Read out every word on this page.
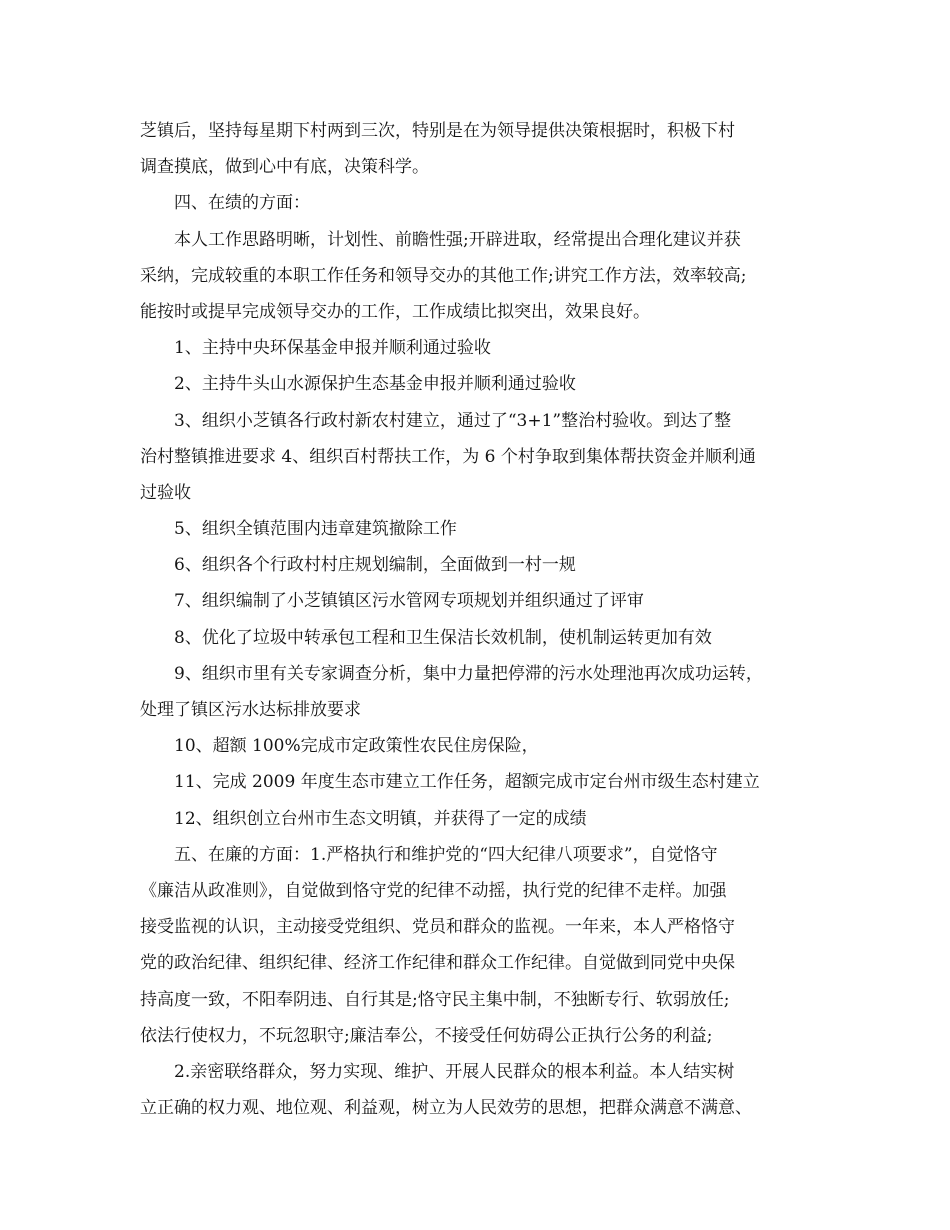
芝镇后，坚持每星期下村两到三次，特别是在为领导提供决策根据时，积极下村
调查摸底，做到心中有底，决策科学。
四、在绩的方面：
本人工作思路明晰，计划性、前瞻性强;开辟进取，经常提出合理化建议并获
采纳，完成较重的本职工作任务和领导交办的其他工作;讲究工作方法，效率较高;
能按时或提早完成领导交办的工作，工作成绩比拟突出，效果良好。
1、主持中央环保基金申报并顺利通过验收
2、主持牛头山水源保护生态基金申报并顺利通过验收
3、组织小芝镇各行政村新农村建立，通过了“3+1”整治村验收。到达了整
治村整镇推进要求 4、组织百村帮扶工作，为 6 个村争取到集体帮扶资金并顺利通
过验收
5、组织全镇范围内违章建筑撤除工作
6、组织各个行政村村庄规划编制，全面做到一村一规
7、组织编制了小芝镇镇区污水管网专项规划并组织通过了评审
8、优化了垃圾中转承包工程和卫生保洁长效机制，使机制运转更加有效
9、组织市里有关专家调查分析，集中力量把停滞的污水处理池再次成功运转，
处理了镇区污水达标排放要求
10、超额 100%完成市定政策性农民住房保险，
11、完成 2009 年度生态市建立工作任务，超额完成市定台州市级生态村建立
12、组织创立台州市生态文明镇，并获得了一定的成绩
五、在廉的方面：1.严格执行和维护党的“四大纪律八项要求”，自觉恪守
《廉洁从政准则》，自觉做到恪守党的纪律不动摇，执行党的纪律不走样。加强
接受监视的认识，主动接受党组织、党员和群众的监视。一年来，本人严格恪守
党的政治纪律、组织纪律、经济工作纪律和群众工作纪律。自觉做到同党中央保
持高度一致，不阳奉阴违、自行其是;恪守民主集中制，不独断专行、软弱放任;
依法行使权力，不玩忽职守;廉洁奉公，不接受任何妨碍公正执行公务的利益;
2.亲密联络群众，努力实现、维护、开展人民群众的根本利益。本人结实树
立正确的权力观、地位观、利益观，树立为人民效劳的思想，把群众满意不满意、
